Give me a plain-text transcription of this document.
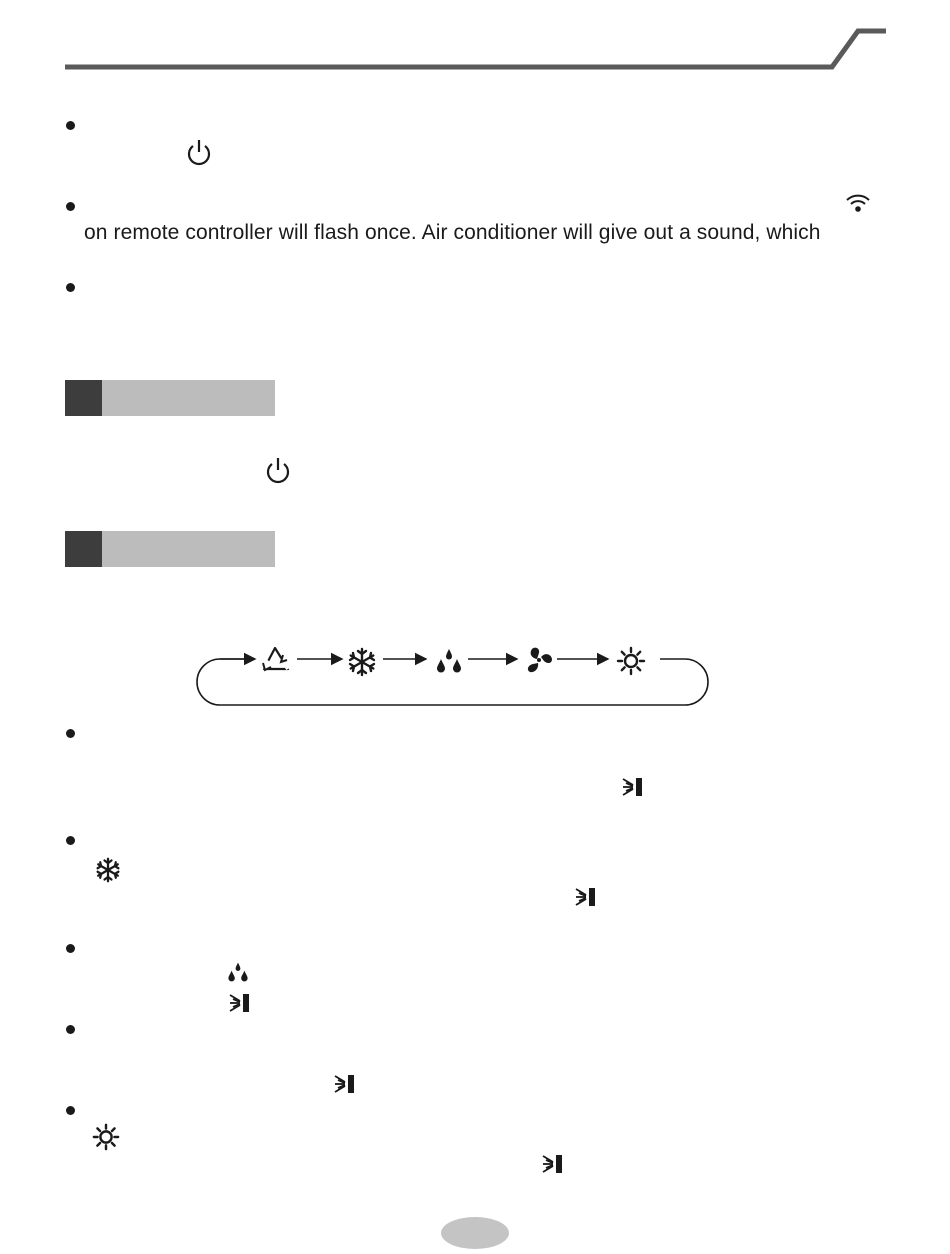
on remote controller will flash once. Air conditioner will give out a sound, which
